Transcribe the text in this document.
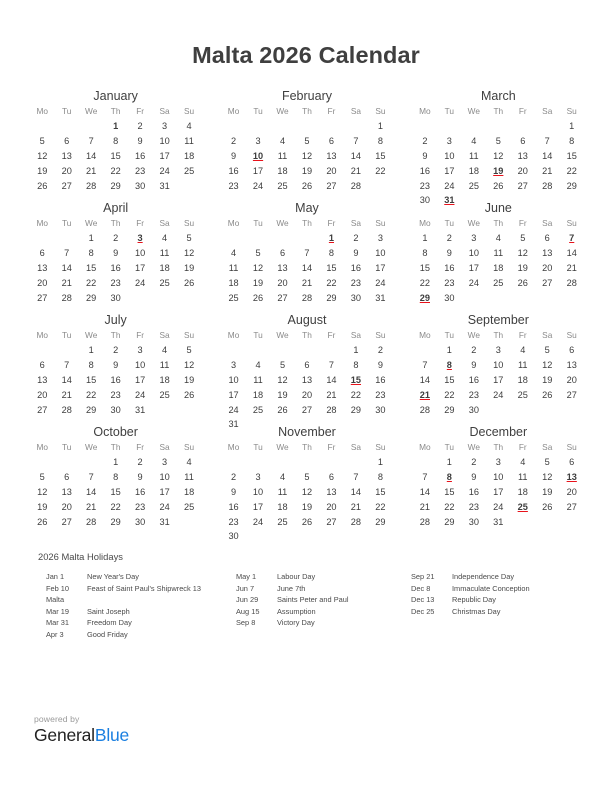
Malta 2026 Calendar
January
Mo	Tu	We	Th	Fr	Sa	Su
			1	2	3	4
5	6	7	8	9	10	11
12	13	14	15	16	17	18
19	20	21	22	23	24	25
26	27	28	29	30	31	
February
Mo	Tu	We	Th	Fr	Sa	Su
						1
2	3	4	5	6	7	8
9	10	11	12	13	14	15
16	17	18	19	20	21	22
23	24	25	26	27	28	
March
Mo	Tu	We	Th	Fr	Sa	Su
						1
2	3	4	5	6	7	8
9	10	11	12	13	14	15
16	17	18	19	20	21	22
23	24	25	26	27	28	29
30	31					
April
Mo	Tu	We	Th	Fr	Sa	Su
		1	2	3	4	5
6	7	8	9	10	11	12
13	14	15	16	17	18	19
20	21	22	23	24	25	26
27	28	29	30			
May
Mo	Tu	We	Th	Fr	Sa	Su
				1	2	3
4	5	6	7	8	9	10
11	12	13	14	15	16	17
18	19	20	21	22	23	24
25	26	27	28	29	30	31
June
Mo	Tu	We	Th	Fr	Sa	Su
1	2	3	4	5	6	7
8	9	10	11	12	13	14
15	16	17	18	19	20	21
22	23	24	25	26	27	28
29	30					
July
Mo	Tu	We	Th	Fr	Sa	Su
		1	2	3	4	5
6	7	8	9	10	11	12
13	14	15	16	17	18	19
20	21	22	23	24	25	26
27	28	29	30	31		
August
Mo	Tu	We	Th	Fr	Sa	Su
					1	2
3	4	5	6	7	8	9
10	11	12	13	14	15	16
17	18	19	20	21	22	23
24	25	26	27	28	29	30
31						
September
Mo	Tu	We	Th	Fr	Sa	Su
	1	2	3	4	5	6
7	8	9	10	11	12	13
14	15	16	17	18	19	20
21	22	23	24	25	26	27
28	29	30				
October
Mo	Tu	We	Th	Fr	Sa	Su
			1	2	3	4
5	6	7	8	9	10	11
12	13	14	15	16	17	18
19	20	21	22	23	24	25
26	27	28	29	30	31	
November
Mo	Tu	We	Th	Fr	Sa	Su
						1
2	3	4	5	6	7	8
9	10	11	12	13	14	15
16	17	18	19	20	21	22
23	24	25	26	27	28	29
30						
December
Mo	Tu	We	Th	Fr	Sa	Su
	1	2	3	4	5	6
7	8	9	10	11	12	13
14	15	16	17	18	19	20
21	22	23	24	25	26	27
28	29	30	31			
2026 Malta Holidays
Jan 1	New Year's Day
Feb 10	Feast of Saint Paul's Shipwreck 13
Malta
Mar 19	Saint Joseph
Mar 31	Freedom Day
Apr 3	Good Friday
May 1	Labour Day
Jun 7	June 7th
Jun 29	Saints Peter and Paul
Aug 15	Assumption
Sep 8	Victory Day
Sep 21	Independence Day
Dec 8	Immaculate Conception
Dec 13	Republic Day
Dec 25	Christmas Day
powered by
GeneralBlue
